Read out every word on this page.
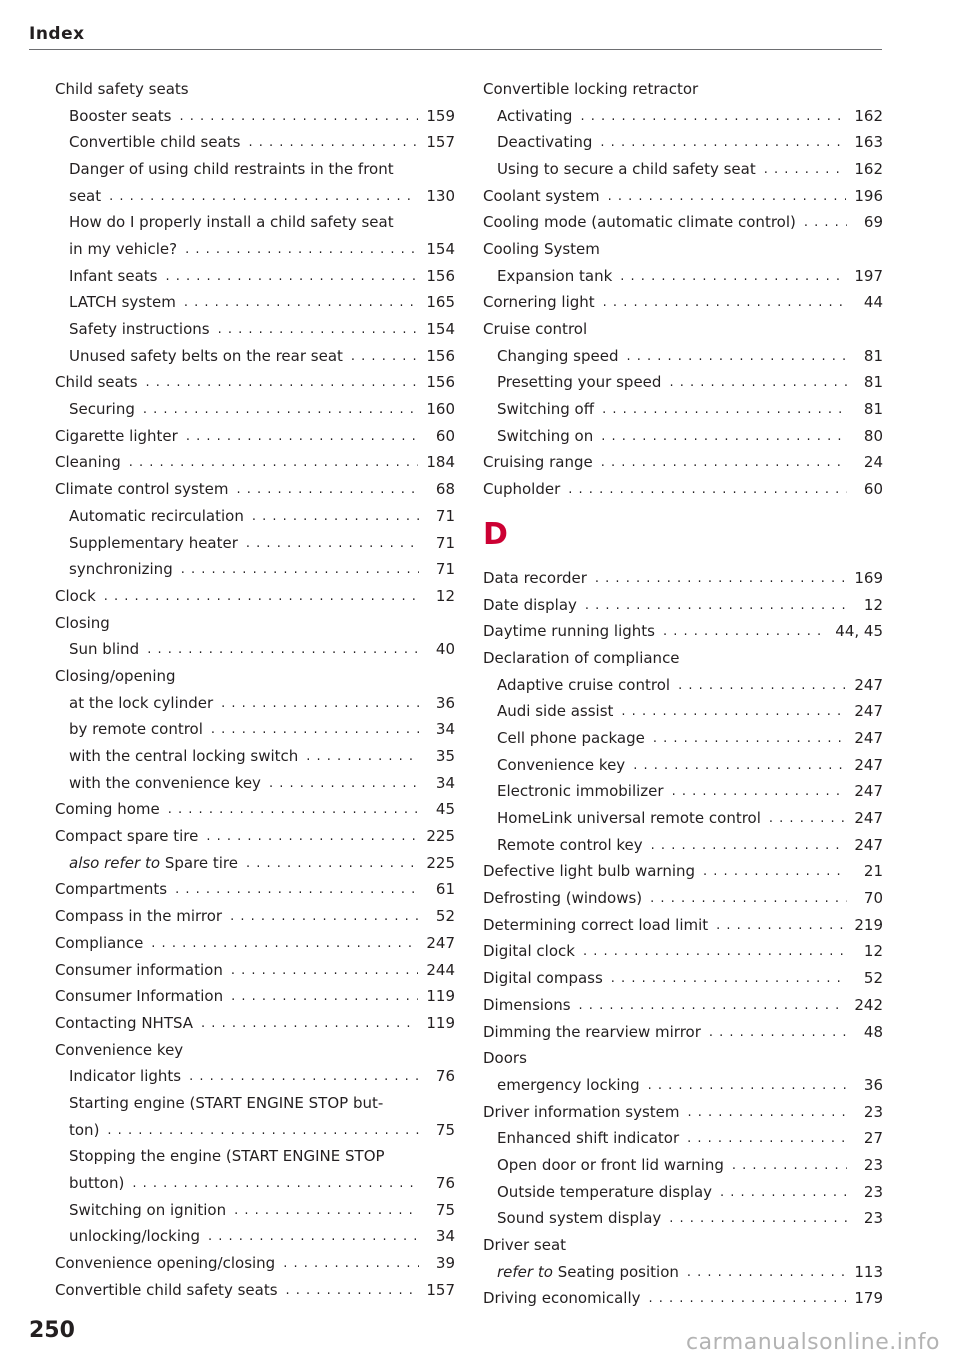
Index
Child safety seats
Booster seats . . .	159
Convertible child seats . . .	157
Danger of using child restraints in the front
seat . . .	130
How do I properly install a child safety seat
in my vehicle? . . .	154
Infant seats . . .	156
LATCH system . . .	165
Safety instructions . . .	154
Unused safety belts on the rear seat . . .	156
Child seats . . .	156
Securing . . .	160
Cigarette lighter . . .	60
Cleaning . . .	184
Climate control system . . .	68
Automatic recirculation . . .	71
Supplementary heater . . .	71
synchronizing . . .	71
Clock . . .	12
Closing
Sun blind . . .	40
Closing/opening
at the lock cylinder . . .	36
by remote control . . .	34
with the central locking switch . . .	35
with the convenience key . . .	34
Coming home . . .	45
Compact spare tire . . .	225
also refer to Spare tire . . .	225
Compartments . . .	61
Compass in the mirror . . .	52
Compliance . . .	247
Consumer information . . .	244
Consumer Information . . .	119
Contacting NHTSA . . .	119
Convenience key
Indicator lights . . .	76
Starting engine (START ENGINE STOP but-
ton) . . .	75
Stopping the engine (START ENGINE STOP
button) . . .	76
Switching on ignition . . .	75
unlocking/locking . . .	34
Convenience opening/closing . . .	39
Convertible child safety seats . . .	157
Convertible locking retractor
Activating . . .	162
Deactivating . . .	163
Using to secure a child safety seat . . .	162
Coolant system . . .	196
Cooling mode (automatic climate control) . . .	69
Cooling System
Expansion tank . . .	197
Cornering light . . .	44
Cruise control
Changing speed . . .	81
Presetting your speed . . .	81
Switching off . . .	81
Switching on . . .	80
Cruising range . . .	24
Cupholder . . .	60
D
Data recorder . . .	169
Date display . . .	12
Daytime running lights . . .	44, 45
Declaration of compliance
Adaptive cruise control . . .	247
Audi side assist . . .	247
Cell phone package . . .	247
Convenience key . . .	247
Electronic immobilizer . . .	247
HomeLink universal remote control . . .	247
Remote control key . . .	247
Defective light bulb warning . . .	21
Defrosting (windows) . . .	70
Determining correct load limit . . .	219
Digital clock . . .	12
Digital compass . . .	52
Dimensions . . .	242
Dimming the rearview mirror . . .	48
Doors
emergency locking . . .	36
Driver information system . . .	23
Enhanced shift indicator . . .	27
Open door or front lid warning . . .	23
Outside temperature display . . .	23
Sound system display . . .	23
Driver seat
refer to Seating position . . .	113
Driving economically . . .	179
250	carmanualsonline.info
